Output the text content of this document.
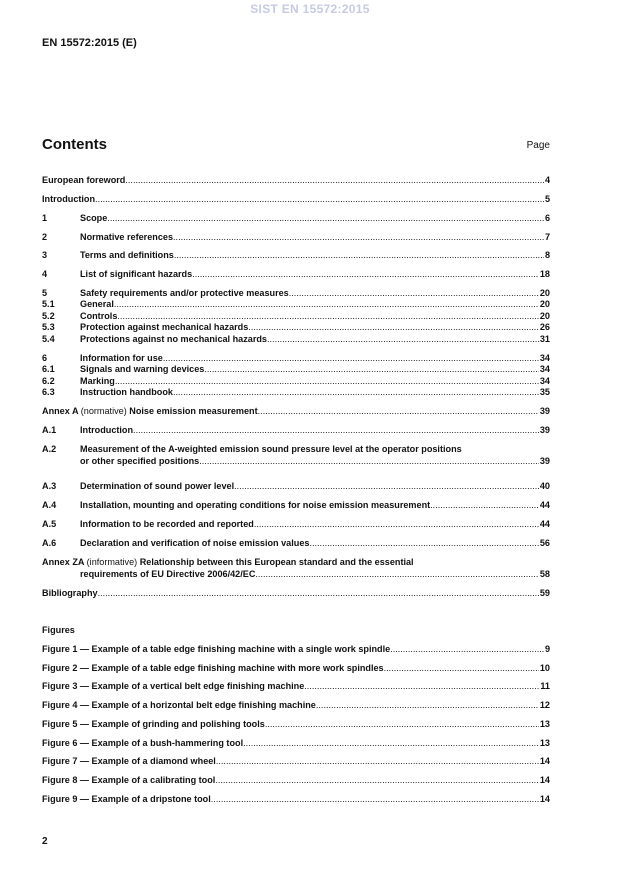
SIST EN 15572:2015
EN 15572:2015 (E)
Contents	Page
European foreword .....	4
Introduction .....	5
1	Scope .....	6
2	Normative references .....	7
3	Terms and definitions .....	8
4	List of significant hazards .....	18
5	Safety requirements and/or protective measures .....	20
5.1	General .....	20
5.2	Controls .....	20
5.3	Protection against mechanical hazards .....	26
5.4	Protections against no mechanical hazards .....	31
6	Information for use .....	34
6.1	Signals and warning devices .....	34
6.2	Marking .....	34
6.3	Instruction handbook .....	35
Annex A (normative) Noise emission measurement .....	39
A.1	Introduction .....	39
A.2	Measurement of the A-weighted emission sound pressure level at the operator positions
or other specified positions .....	39
A.3	Determination of sound power level .....	40
A.4	Installation, mounting and operating conditions for noise emission measurement .....	44
A.5	Information to be recorded and reported .....	44
A.6	Declaration and verification of noise emission values .....	56
Annex ZA (informative) Relationship between this European standard and the essential
requirements of EU Directive 2006/42/EC .....	58
Bibliography .....	59
Figures
Figure 1 — Example of a table edge finishing machine with a single work spindle .....	9
Figure 2 — Example of a table edge finishing machine with more work spindles .....	10
Figure 3 — Example of a vertical belt edge finishing machine .....	11
Figure 4 — Example of a horizontal belt edge finishing machine .....	12
Figure 5 — Example of grinding and polishing tools .....	13
Figure 6 — Example of a bush-hammering tool .....	13
Figure 7 — Example of a diamond wheel .....	14
Figure 8 — Example of a calibrating tool .....	14
Figure 9 — Example of a dripstone tool .....	14
2
